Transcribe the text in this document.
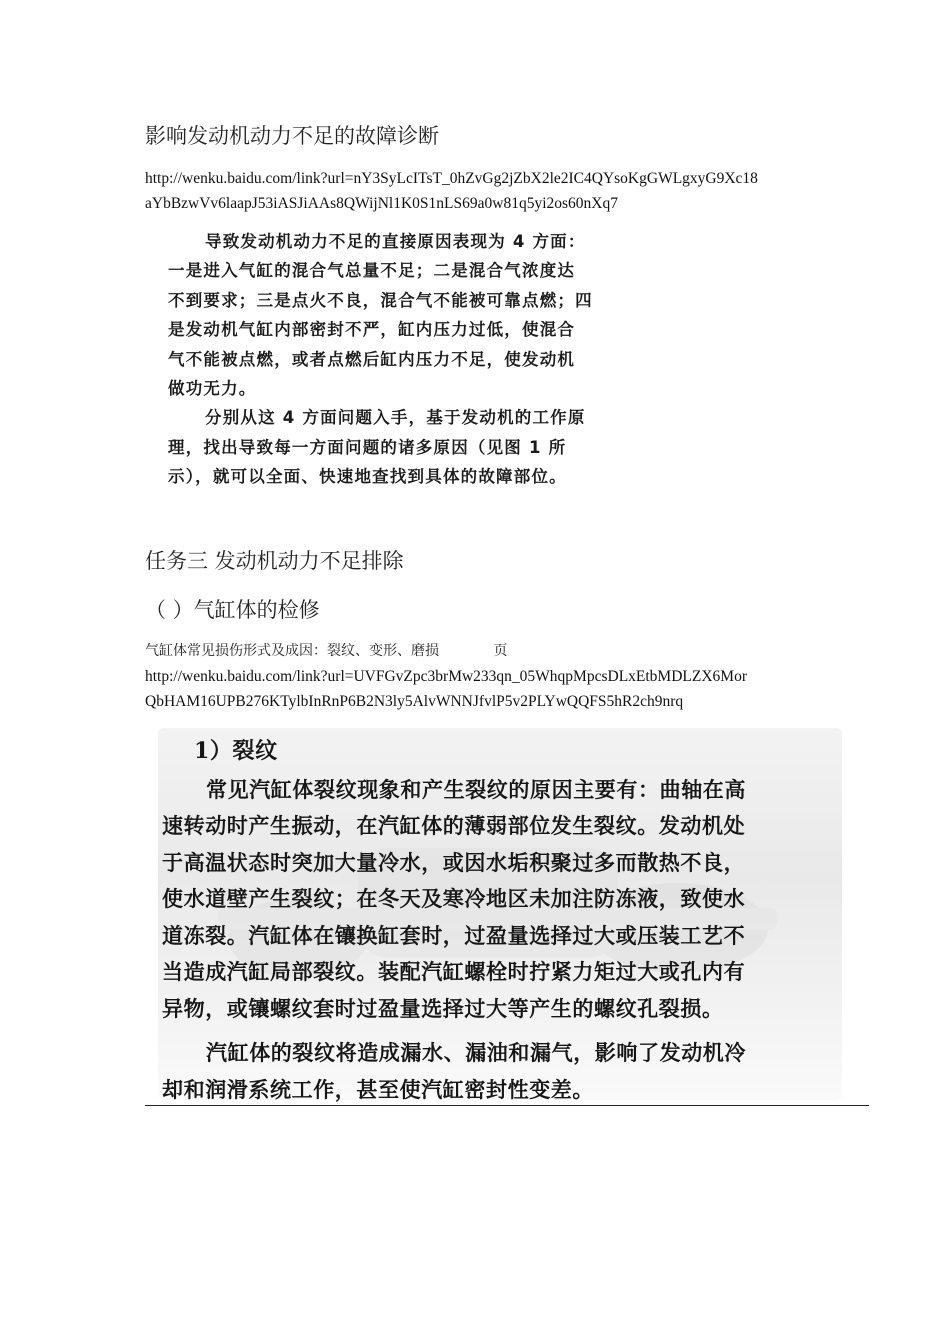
影响发动机动力不足的故障诊断
http://wenku.baidu.com/link?url=nY3SyLcITsT_0hZvGg2jZbX2le2IC4QYsoKgGWLgxyG9Xc18
aYbBzwVv6laapJ53iASJiAAs8QWijNl1K0S1nLS69a0w81q5yi2os60nXq7

导致发动机动力不足的直接原因表现为 4 方面：

一是进入气缸的混合气总量不足；二是混合气浓度达

不到要求；三是点火不良，混合气不能被可靠点燃；四

是发动机气缸内部密封不严，缸内压力过低，使混合

气不能被点燃，或者点燃后缸内压力不足，使发动机

做功无力。

分别从这 4 方面问题入手，基于发动机的工作原

理，找出导致每一方面问题的诸多原因（见图 1 所

示），就可以全面、快速地查找到具体的故障部位。

任务三 发动机动力不足排除
（ ）气缸体的检修
气缸体常见损伤形式及成因：裂纹、变形、磨损	页
http://wenku.baidu.com/link?url=UVFGvZpc3brMw233qn_05WhqpMpcsDLxEtbMDLZX6Mor
QbHAM16UPB276KTylbInRnP6B2N3ly5AlvWNNJfvlP5v2PLYwQQFS5hR2ch9nrq

1）裂纹

常见汽缸体裂纹现象和产生裂纹的原因主要有：曲轴在高

速转动时产生振动，在汽缸体的薄弱部位发生裂纹。发动机处

于高温状态时突加大量冷水，或因水垢积聚过多而散热不良，

使水道壁产生裂纹；在冬天及寒冷地区未加注防冻液，致使水

道冻裂。汽缸体在镶换缸套时，过盈量选择过大或压装工艺不

当造成汽缸局部裂纹。装配汽缸螺栓时拧紧力矩过大或孔内有

异物，或镶螺纹套时过盈量选择过大等产生的螺纹孔裂损。

汽缸体的裂纹将造成漏水、漏油和漏气，影响了发动机冷

却和润滑系统工作，甚至使汽缸密封性变差。
